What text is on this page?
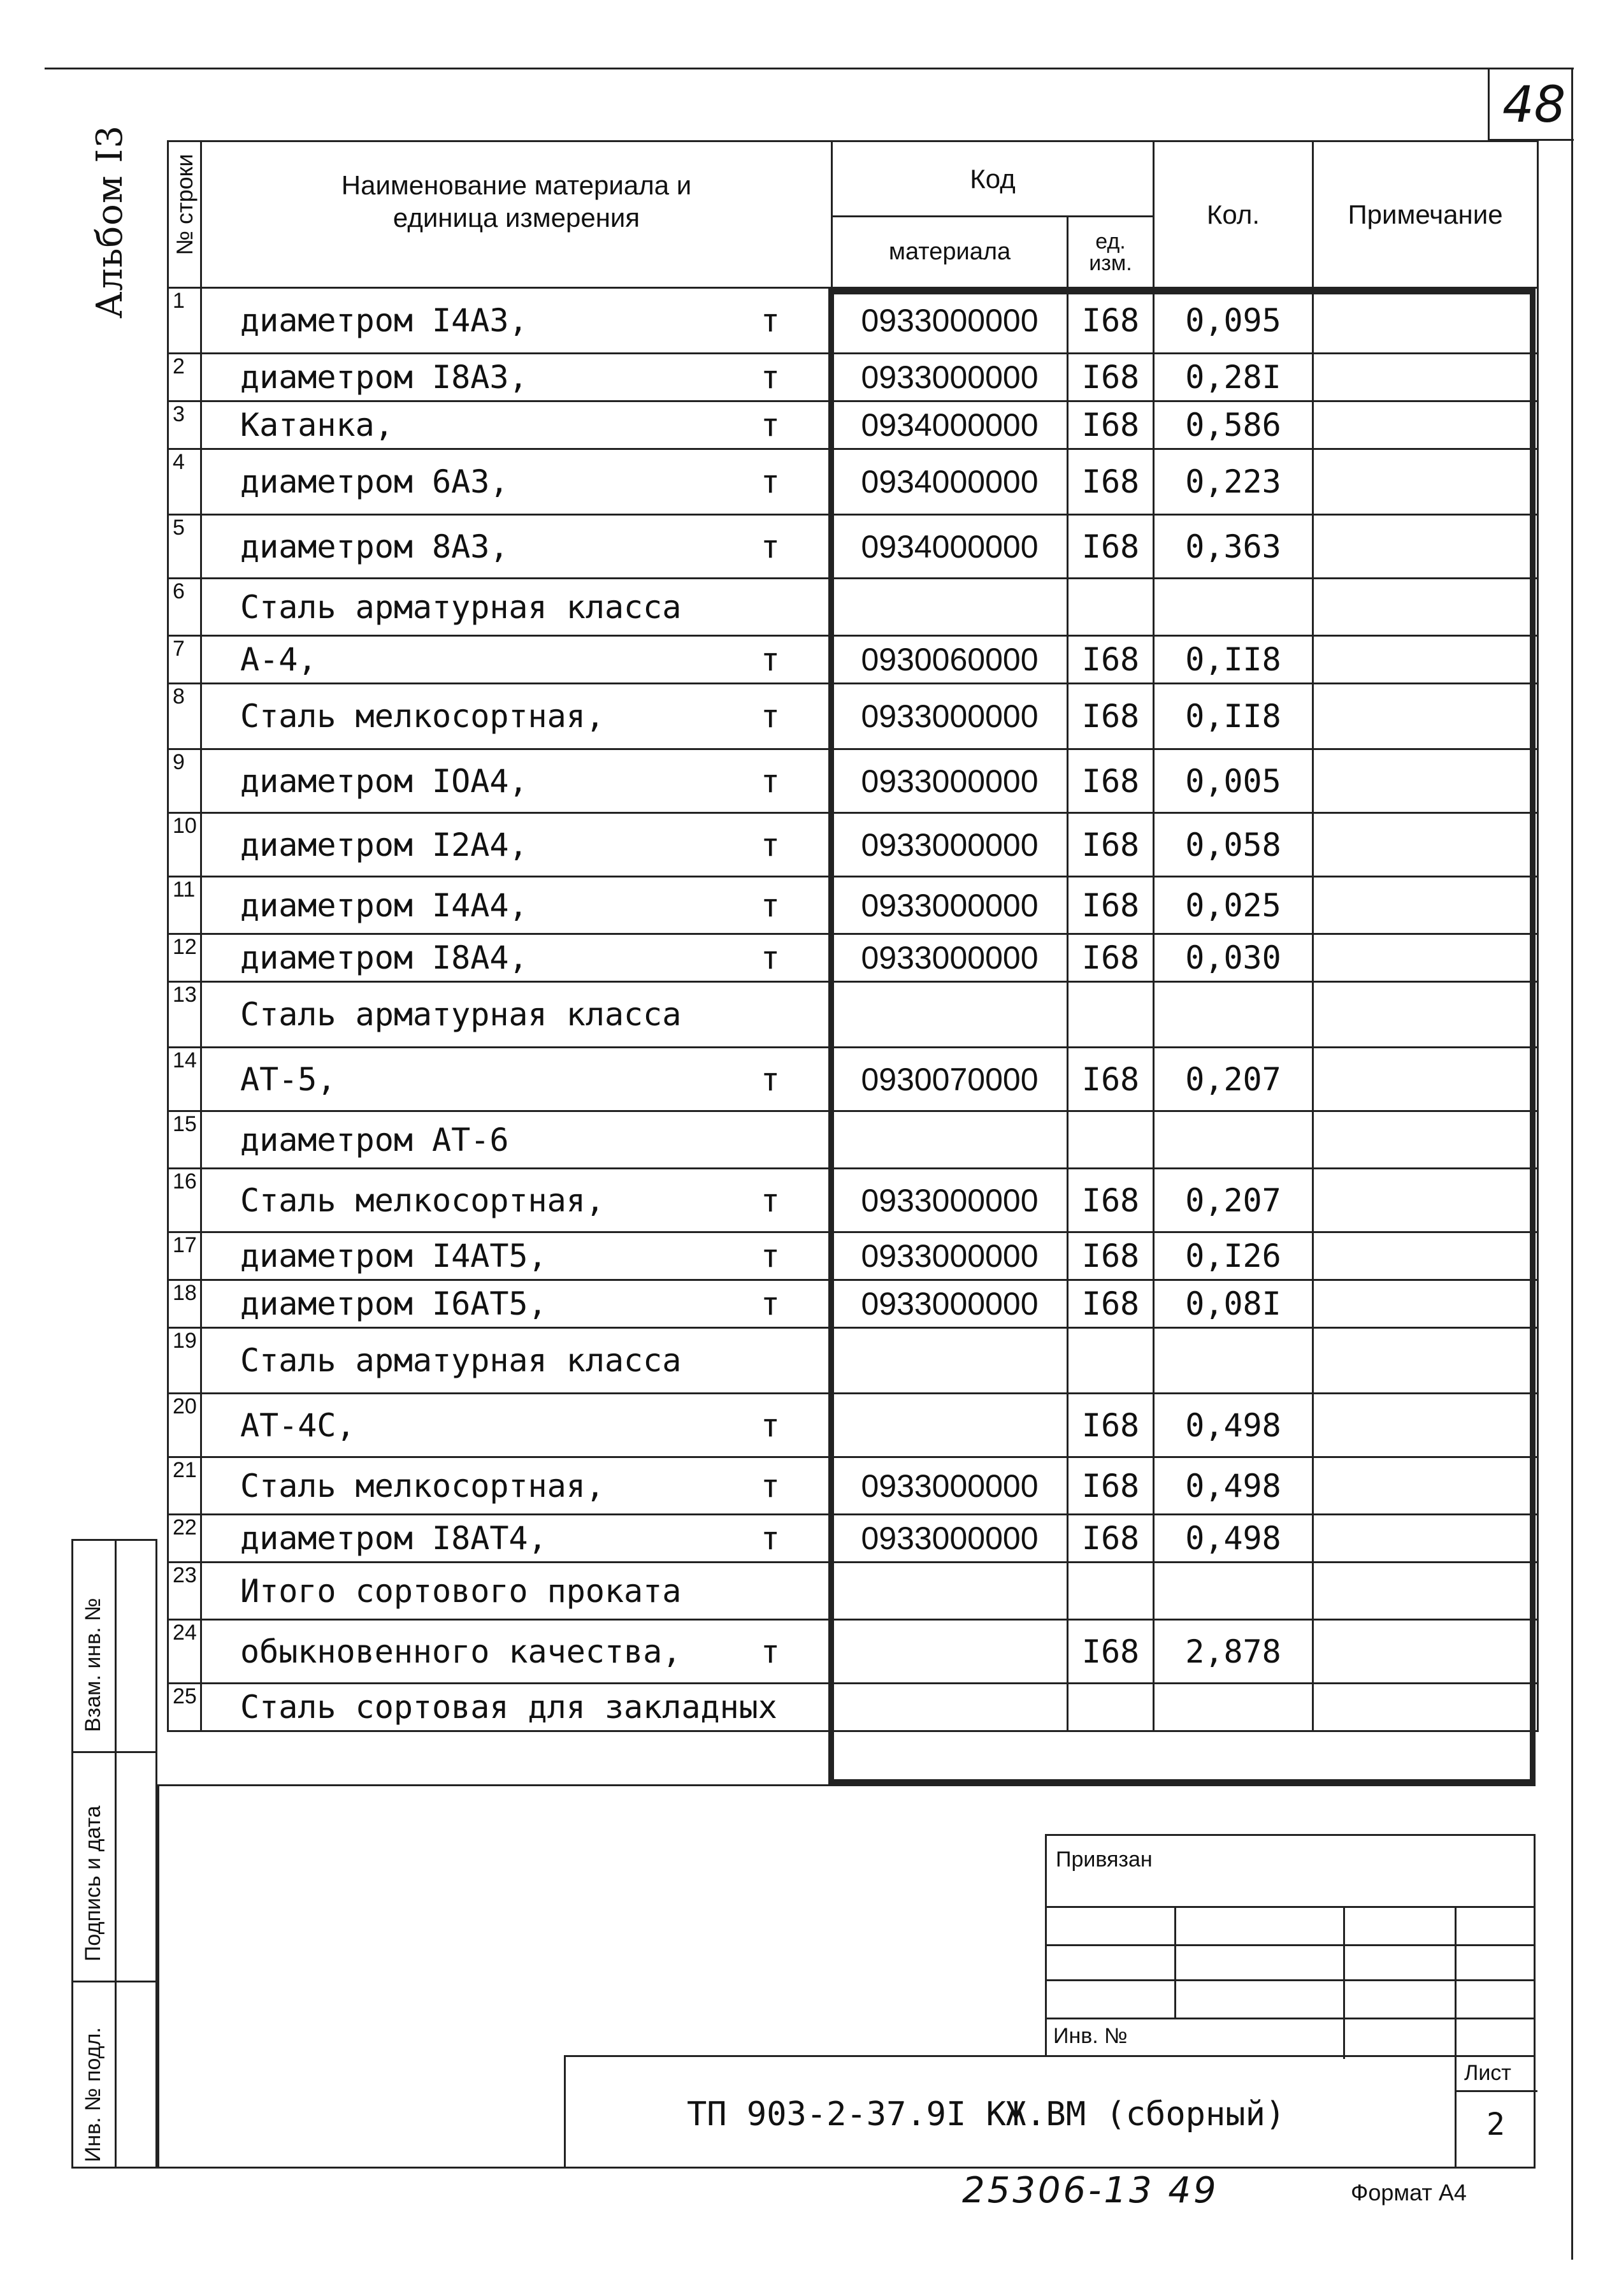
48
Альбом I3	№ строки	Наименование материала и
единица измерения	Код		Кол.	Примечание
		материала	ед.
изм.		
1	диаметром I4A3, т	0933000000	I68	0,095	
2	диаметром I8A3, т	0933000000	I68	0,28I	
3	Катанка, т	0934000000	I68	0,586	
4	диаметром 6A3, т	0934000000	I68	0,223	
5	диаметром 8A3, т	0934000000	I68	0,363	
6	Сталь арматурная класса

7	A-4, т	0930060000	I68	0,II8	
8	Сталь мелкосортная, т	0933000000	I68	0,II8	
9	диаметром IOA4, т	0933000000	I68	0,005	
10	диаметром I2A4, т	0933000000	I68	0,058	
11	диаметром I4A4, т	0933000000	I68	0,025	
12	диаметром I8A4, т	0933000000	I68	0,030	
13	Сталь арматурная класса

14	AT-5, т	0930070000	I68	0,207	
15	диаметром AT-6

16	Сталь мелкосортная, т	0933000000	I68	0,207	
17	диаметром I4AT5, т	0933000000	I68	0,I26	
18	диаметром I6AT5, т	0933000000	I68	0,08I	
19	Сталь арматурная класса

20	AT-4C, т		I68	0,498	
21	Сталь мелкосортная, т	0933000000	I68	0,498	
22	диаметром I8AT4, т	0933000000	I68	0,498	
23	Итого сортового проката

24	обыкновенного качества, т		I68	2,878	
25	Сталь сортовая для закладных

Взам. инв. №
Подпись и дата
Инв. № подл.
Привязан
Инв. №
ТП 903-2-37.9I КЖ.ВМ (сборный)
Лист
2
25306-13 49	Формат А4
